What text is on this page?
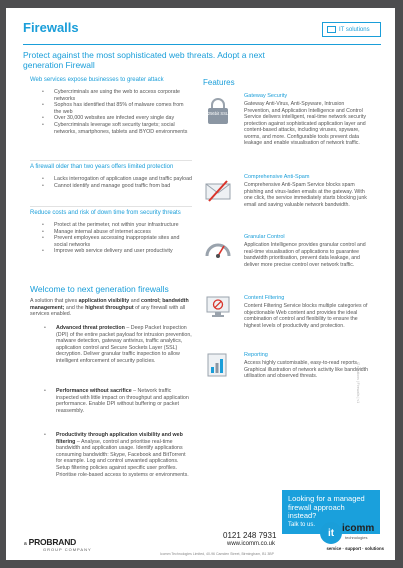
Firewalls	IT solutions
Protect against the most sophisticated web threats. Adopt a next generation Firewall
Web services expose businesses to greater attack
• Cybercriminals are using the web to access corporate networks
• Sophos has identified that 85% of malware comes from the web
• Over 30,000 websites are infected every single day
• Cybercriminals leverage soft security targets; social networks, smartphones, tablets and BYOD environments
A firewall older than two years offers limited protection
• Lacks interrogation of application usage and traffic payload
• Cannot identify and manage good traffic from bad
Reduce costs and risk of down time from security threats
• Protect at the perimeter, not within your infrastructure
• Manage internal abuse of internet access
• Prevent employees accessing inappropriate sites and social networks
• Improve web service delivery and user productivity
Welcome to next generation firewalls
A solution that gives application visibility and control; bandwidth management; and the highest throughput of any firewall with all services enabled.
• Advanced threat protection – Deep Packet Inspection (DPI) of the entire packet payload for intrusion prevention, malware detection, gateway antivirus, traffic analytics, application control and Secure Sockets Layer (SSL) decryption. Deliver granular traffic inspection to allow intelligent enforcement of security policies.
• Performance without sacrifice – Network traffic inspected with little impact on throughput and application performance. Enable DPI without buffering or packet reassembly.
• Productivity through application visibility and web filtering – Analyse, control and prioritise real-time bandwidth and application usage. Identify applications consuming bandwidth: Skype, Facebook and BitTorrent for example. Log and control unwanted applications. Setup filtering policies against specific user profiles. Prioritise role-based access to systems or environments.
Features
256bit SSL
Gateway Security
Gateway Anti-Virus, Anti-Spyware, Intrusion Prevention, and Application Intelligence and Control Service delivers intelligent, real-time network security protection against sophisticated application layer and content-based attacks, including viruses, spyware, worms, and more. Configurable tools prevent data leakage and enable visualisation of network traffic.
Comprehensive Anti-Spam
Comprehensive Anti-Spam Service blocks spam phishing and virus-laden emails at the gateway. With one click, the service immediately starts blocking junk email and saving valuable network bandwidth.
Granular Control
Application Intelligence provides granular control and real-time visualisation of applications to guarantee bandwidth prioritisation, prevent data leakage, and deliver more precise control over network traffic.
Content Filtering
Content Filtering Service blocks multiple categories of objectionable Web content and provides the ideal combination of control and flexibility to ensure the highest levels of productivity and protection.
Reporting
Access highly customisable, easy-to-read reports. Graphical illustration of network activity like bandwidth utilisation and observed threats.	IT solutions | Firewalls | v1
Looking for a managed firewall approach instead?
Talk to us.
a PROBRAND
GROUP COMPANY
0121 248 7931
www.icomm.co.uk
Icomm Technologies Limited, 40-96 Camden Street, Birmingham, B1 3BP
it icomm
technologies
service · support · solutions
